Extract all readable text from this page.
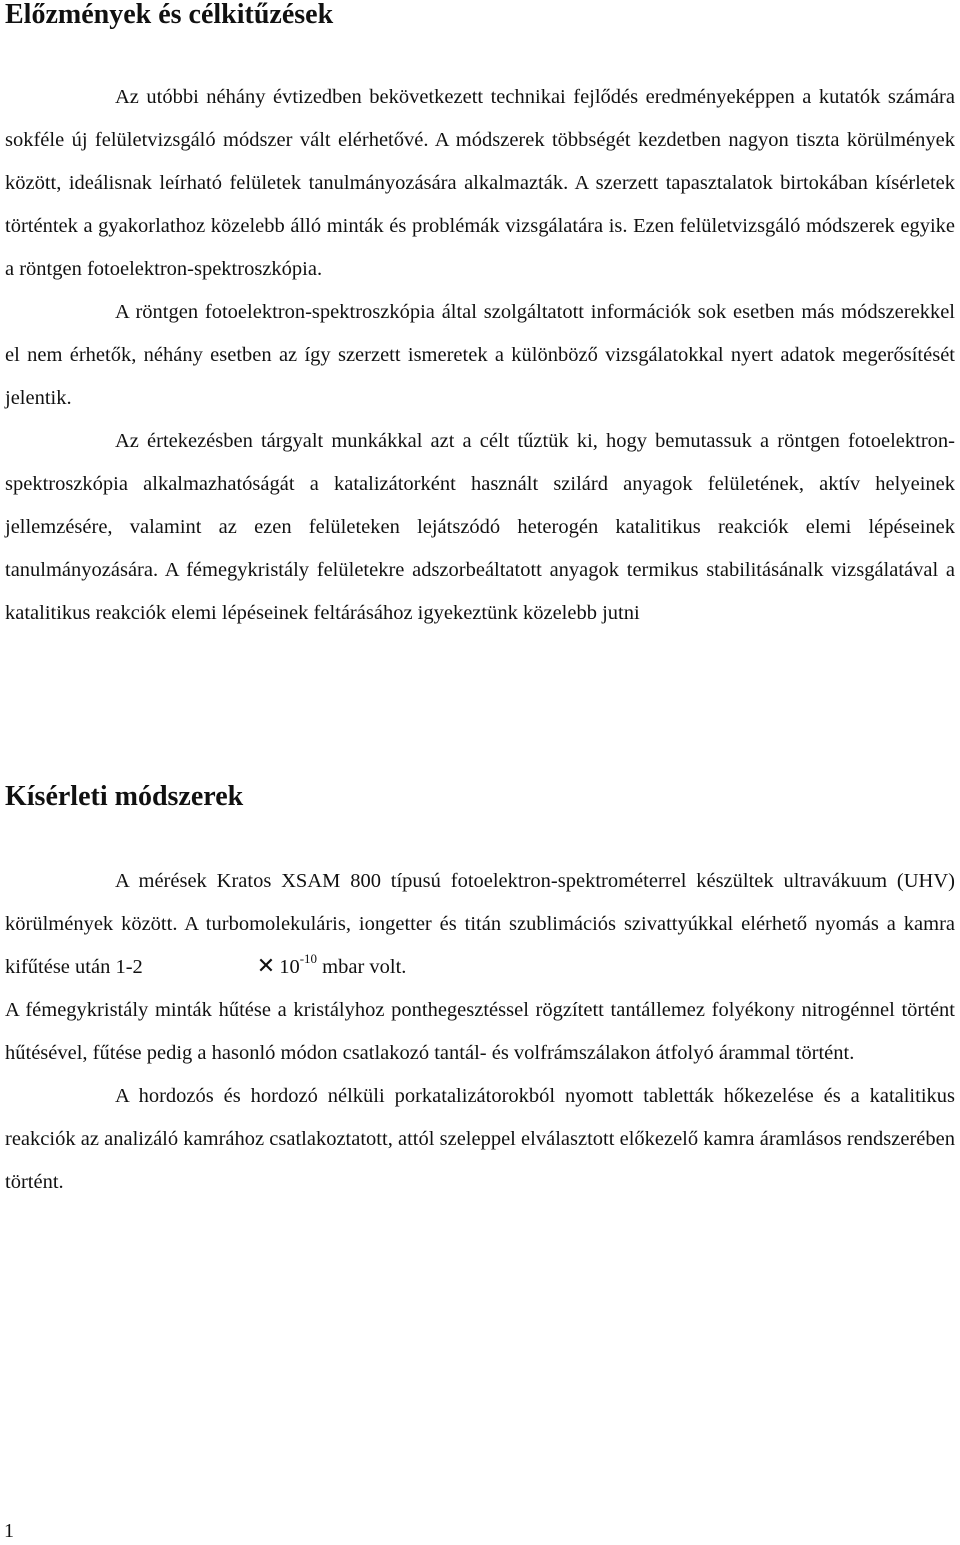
Előzmények és célkitűzések

Az utóbbi néhány évtizedben bekövetkezett technikai fejlődés eredményeképpen a kutatók számára sokféle új felületvizsgáló módszer vált elérhetővé. A módszerek többségét kezdetben nagyon tiszta körülmények között, ideálisnak leírható felületek tanulmányozására alkalmazták. A szerzett tapasztalatok birtokában kísérletek történtek a gyakorlathoz közelebb álló minták és problémák vizsgálatára is. Ezen felületvizsgáló módszerek egyike a röntgen fotoelektron-spektroszkópia.

A röntgen fotoelektron-spektroszkópia által szolgáltatott információk sok esetben más módszerekkel el nem érhetők, néhány esetben az így szerzett ismeretek a különböző vizsgálatokkal nyert adatok megerősítését jelentik.

Az értekezésben tárgyalt munkákkal azt a célt tűztük ki, hogy bemutassuk a röntgen fotoelektron-spektroszkópia alkalmazhatóságát a katalizátorként használt szilárd anyagok felületének, aktív helyeinek jellemzésére, valamint az ezen felületeken lejátszódó heterogén katalitikus reakciók elemi lépéseinek tanulmányozására. A fémegykristály felületekre adszorbeáltatott anyagok termikus stabilitásánalk vizsgálatával a katalitikus reakciók elemi lépéseinek feltárásához igyekeztünk közelebb jutni

Kísérleti módszerek

A mérések Kratos XSAM 800 típusú fotoelektron-spektrométerrel készültek ultravákuum (UHV) körülmények között. A turbomolekuláris, iongetter és titán szublimációs szivattyúkkal elérhető nyomás a kamra kifűtése után 1-2	✕ $10^{-10}$ mbar volt.

A fémegykristály minták hűtése a kristályhoz ponthegesztéssel rögzített tantállemez folyékony nitrogénnel történt hűtésével, fűtése pedig a hasonló módon csatlakozó tantál- és volfrámszálakon átfolyó árammal történt.

A hordozós és hordozó nélküli porkatalizátorokból nyomott tabletták hőkezelése és a katalitikus reakciók az analizáló kamrához csatlakoztatott, attól szeleppel elválasztott előkezelő kamra áramlásos rendszerében történt.

1
